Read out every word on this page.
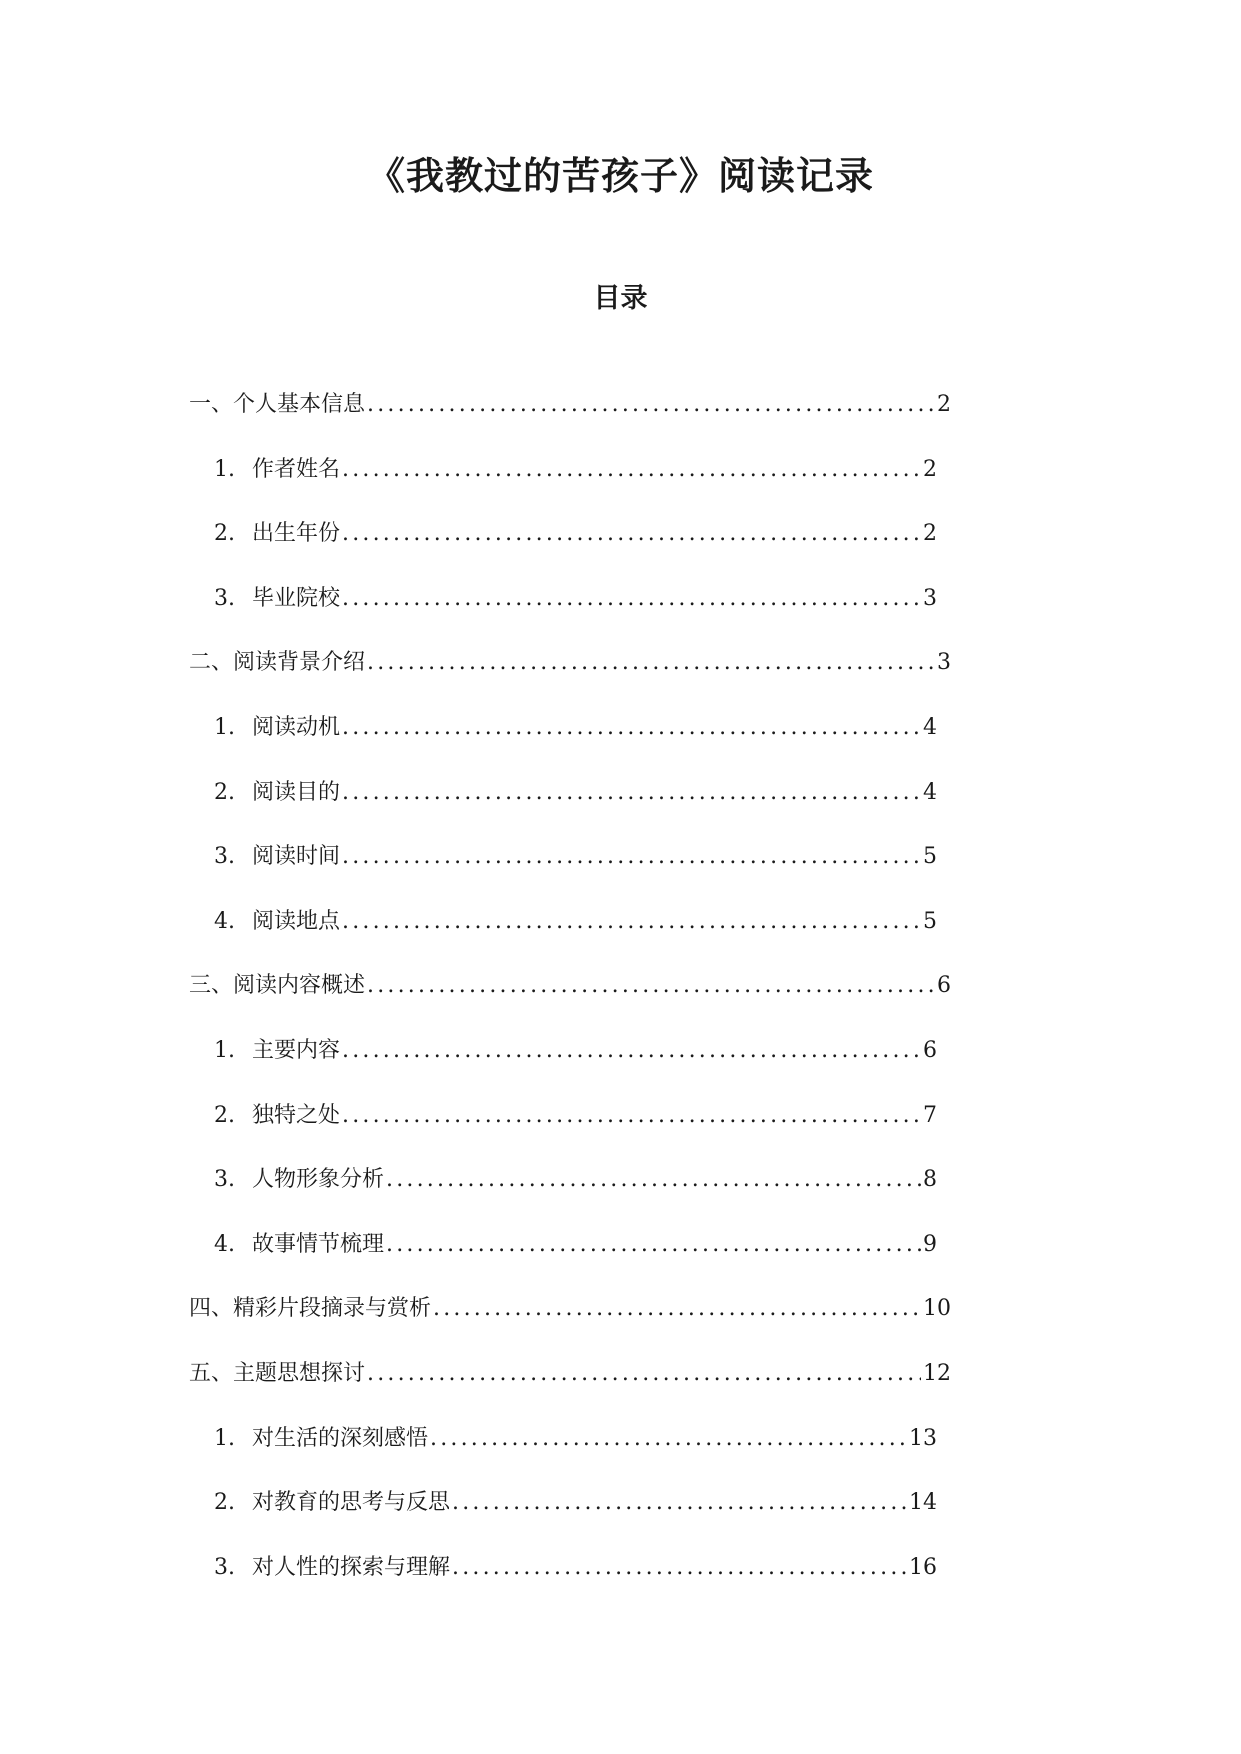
《我教过的苦孩子》阅读记录
目录
一、个人基本信息 .....	2
1. 作者姓名 .....	2
2. 出生年份 .....	2
3. 毕业院校 .....	3
二、阅读背景介绍 .....	3
1. 阅读动机 .....	4
2. 阅读目的 .....	4
3. 阅读时间 .....	5
4. 阅读地点 .....	5
三、阅读内容概述 .....	6
1. 主要内容 .....	6
2. 独特之处 .....	7
3. 人物形象分析 .....	8
4. 故事情节梳理 .....	9
四、精彩片段摘录与赏析 .....	10
五、主题思想探讨 .....	12
1. 对生活的深刻感悟 .....	13
2. 对教育的思考与反思 .....	14
3. 对人性的探索与理解 .....	16
